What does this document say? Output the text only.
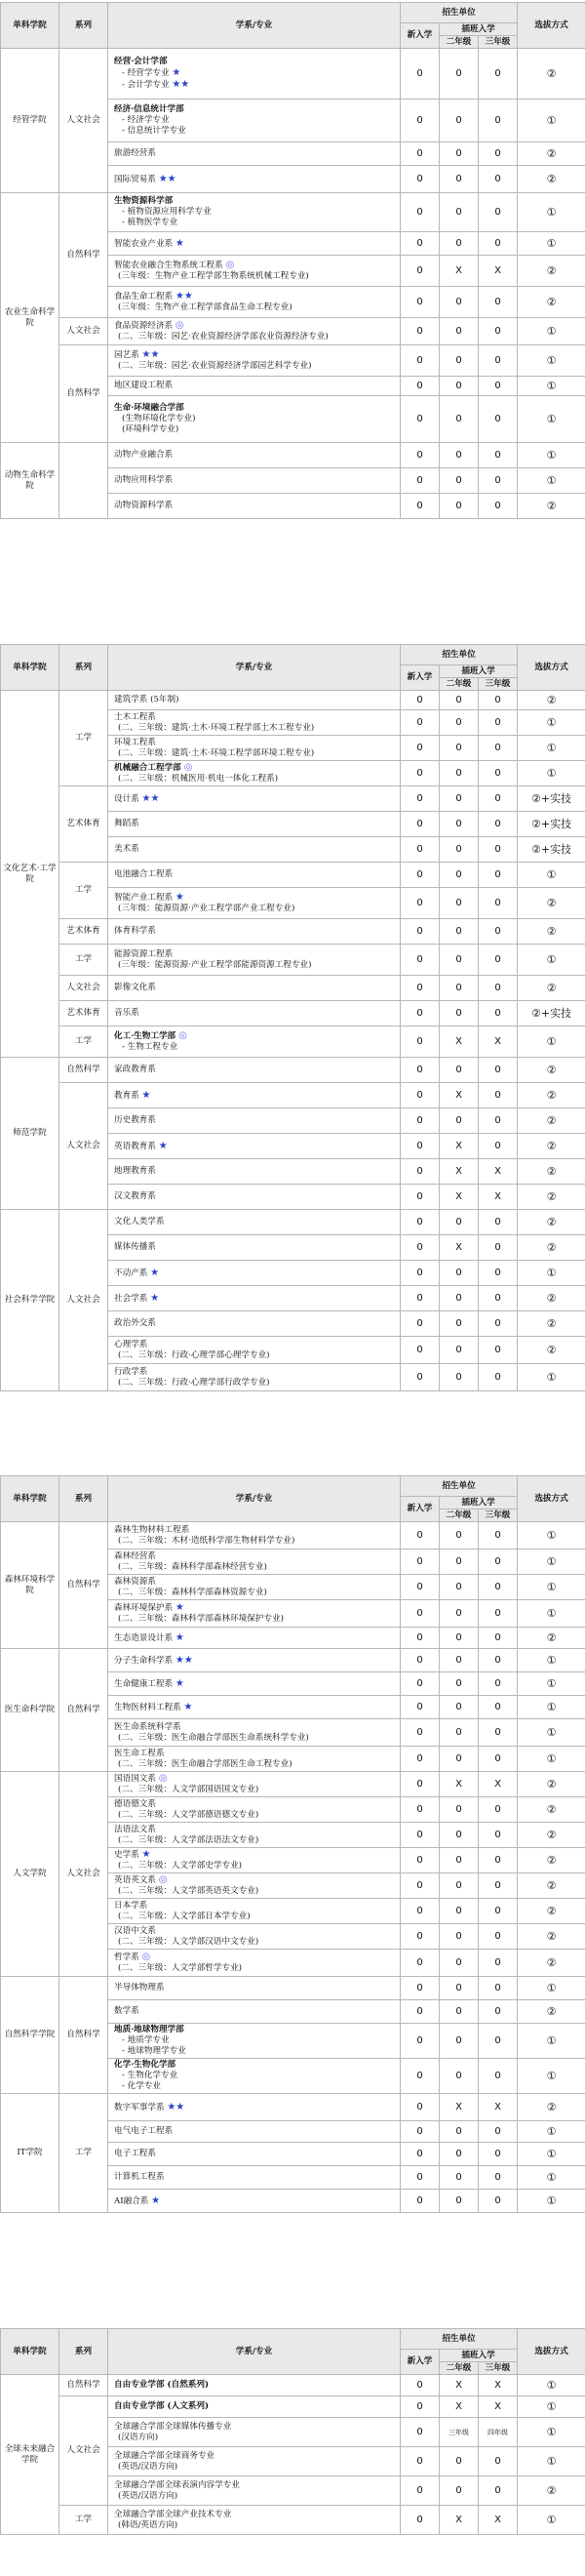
单科学院	系列	学系/专业	招生单位			选拔方式
			新入学	插班入学		
				二年级	三年级	
经管学院	人文社会	经营·会计学部
- 经营学专业 ★
- 会计学专业 ★★	0	0	0	②

		经济·信息统计学部
- 经济学专业
- 信息统计学专业	0	0	0	①

		旅游经营系	0	0	0	②

		国际贸易系 ★★	0	0	0	②
农业生命科学院	自然科学	生物资源科学部
- 植物资源应用科学专业
- 植物医学专业	0	0	0	①

		智能农业产业系 ★	0	0	0	①

		智能农业融合生物系统工程系 ◎
(三年级：生物产业工程学部生物系统机械工程专业)	0	X	X	②

		食品生命工程系 ★★
(三年级：生物产业工程学部食品生命工程专业)	0	0	0	②
	人文社会	食品资源经济系 ◎
(二、三年级：园艺·农业资源经济学部农业资源经济专业)	0	0	0	①
	自然科学	园艺系 ★★
(二、三年级：园艺·农业资源经济学部园艺科学专业)	0	0	0	①

		地区建设工程系	0	0	0	①

		生命·环境融合学部
(生物环境化学专业)
(环境科学专业)	0	0	0	①
动物生命科学院		动物产业融合系	0	0	0	①

		动物应用科学系	0	0	0	①

		动物资源科学系	0	0	0	②
单科学院	系列	学系/专业	招生单位			选拔方式
			新入学	插班入学		
				二年级	三年级	
文化艺术·工学院	工学	建筑学系 (5年制)	0	0	0	②

		土木工程系
(二、三年级：建筑·土木·环境工程学部土木工程专业)	0	0	0	①

		环境工程系
(二、三年级：建筑·土木·环境工程学部环境工程专业)	0	0	0	①

		机械融合工程学部 ◎
(二、三年级：机械医用·机电一体化工程系)	0	0	0	①
	艺术体育	设计系 ★★	0	0	0	②+实技

		舞蹈系	0	0	0	②+实技

		美术系	0	0	0	②+实技
	工学	电池融合工程系	0	0	0	①

		智能产业工程系 ★
(三年级：能源资源·产业工程学部产业工程专业)	0	0	0	②
	艺术体育	体育科学系	0	0	0	②
	工学	能源资源工程系
(三年级：能源资源·产业工程学部能源资源工程专业)	0	0	0	①
	人文社会	影像文化系	0	0	0	②
	艺术体育	音乐系	0	0	0	②+实技
	工学	化工·生物工学部 ◎
- 生物工程专业	0	X	X	①
师范学院	自然科学	家政教育系	0	0	0	②
	人文社会	教育系 ★	0	X	0	②

		历史教育系	0	0	0	②

		英语教育系 ★	0	X	0	②

		地理教育系	0	X	X	②

		汉文教育系	0	X	X	②
社会科学学院	人文社会	文化人类学系	0	0	0	②

		媒体传播系	0	X	0	②

		不动产系 ★	0	0	0	①

		社会学系 ★	0	0	0	②

		政治外交系	0	0	0	②

		心理学系
(二、三年级：行政·心理学部心理学专业)	0	0	0	②

		行政学系
(二、三年级：行政·心理学部行政学专业)	0	0	0	①
单科学院	系列	学系/专业	招生单位			选拔方式
			新入学	插班入学		
				二年级	三年级	
森林环境科学院	自然科学	森林生物材料工程系
(二、三年级：木材·造纸科学部生物材料学专业)	0	0	0	①

		森林经营系
(二、三年级：森林科学部森林经营专业)	0	0	0	①

		森林资源系
(二、三年级：森林科学部森林资源专业)	0	0	0	①

		森林环境保护系 ★
(二、三年级：森林科学部森林环境保护专业)	0	0	0	①

		生态造景设计系 ★	0	0	0	②
医生命科学院	自然科学	分子生命科学系 ★★	0	0	0	①

		生命健康工程系 ★	0	0	0	①

		生物医材料工程系 ★	0	0	0	①

		医生命系统科学系
(二、三年级：医生命融合学部医生命系统科学专业)	0	0	0	①

		医生命工程系
(二、三年级：医生命融合学部医生命工程专业)	0	0	0	①
人文学院	人文社会	国语国文系 ◎
(二、三年级：人文学部国语国文专业)	0	X	X	②

		德语德文系
(二、三年级：人文学部德语德文专业)	0	0	0	②

		法语法文系
(二、三年级：人文学部法语法文专业)	0	0	0	②

		史学系 ★
(二、三年级：人文学部史学专业)	0	0	0	②

		英语英文系 ◎
(二、三年级：人文学部英语英文专业)	0	0	0	②

		日本学系
(二、三年级：人文学部日本学专业)	0	0	0	②

		汉语中文系
(二、三年级：人文学部汉语中文专业)	0	0	0	②

		哲学系 ◎
(二、三年级：人文学部哲学专业)	0	0	0	②
自然科学学院	自然科学	半导体物理系	0	0	0	①

		数学系	0	0	0	②

		地质·地球物理学部
- 地质学专业
- 地球物理学专业	0	0	0	①

		化学·生物化学部
- 生物化学专业
- 化学专业	0	0	0	①
IT学院	工学	数字军事学系 ★★	0	X	X	②

		电气电子工程系	0	0	0	①

		电子工程系	0	0	0	①

		计算机工程系	0	0	0	①

		AI融合系 ★	0	0	0	①
单科学院	系列	学系/专业	招生单位			选拔方式
			新入学	插班入学		
				二年级	三年级	
全球未来融合学院	自然科学	自由专业学部 (自然系列)	0	X	X	①
	人文社会	自由专业学部 (人文系列)	0	X	X	①

		全球融合学部全球媒体传播专业
(汉语方向)	0	三年级	四年级	①

		全球融合学部全球商务专业
(英语/汉语方向)	0	0	0	①

		全球融合学部全球表演内容学专业
(英语/汉语方向)	0	0	0	②
	工学	全球融合学部全球产业技术专业
(韩语/英语方向)	0	X	X	①
